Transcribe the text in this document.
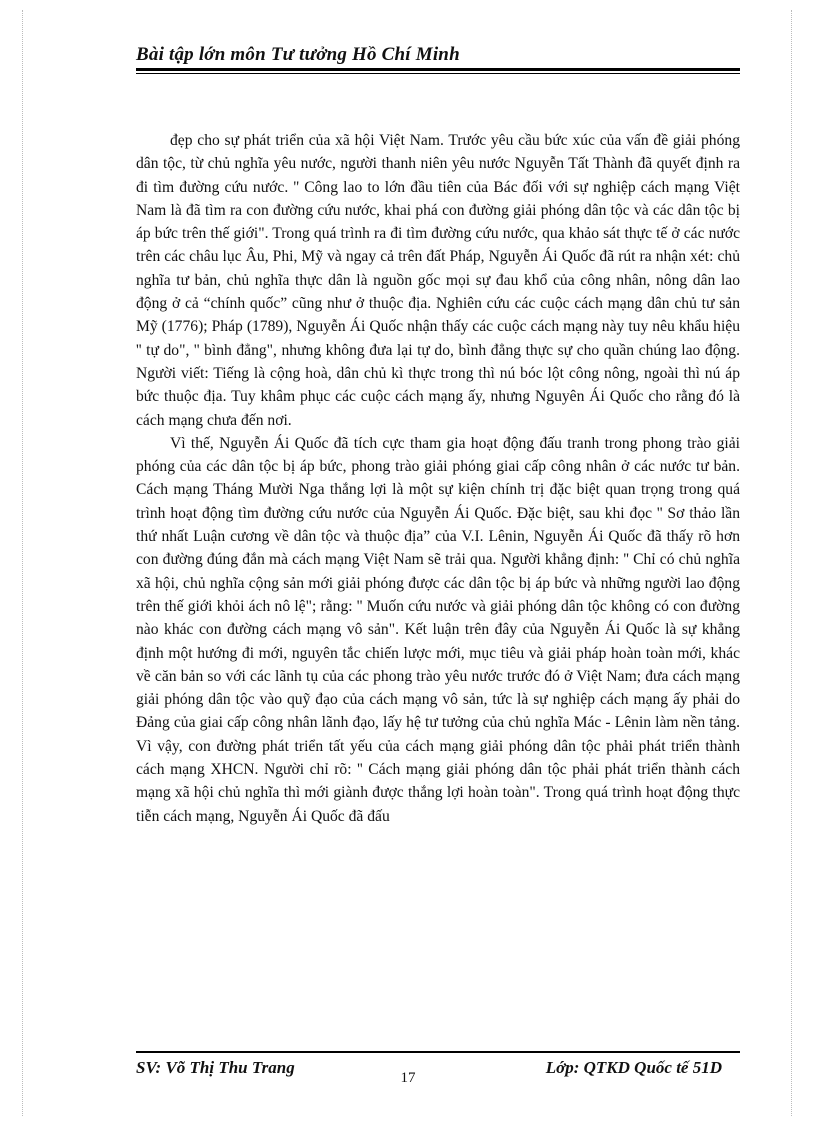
Bài tập lớn môn Tư tưởng Hồ Chí Minh

đẹp cho sự phát triển của xã hội Việt Nam. Trước yêu cầu bức xúc của vấn đề giải phóng dân tộc, từ chủ nghĩa yêu nước, người thanh niên yêu nước Nguyễn Tất Thành đã quyết định ra đi tìm đường cứu nước. '' Công lao to lớn đầu tiên của Bác đối với sự nghiệp cách mạng Việt Nam là đã tìm ra con đường cứu nước, khai phá con đường giải phóng dân tộc và các dân tộc bị áp bức trên thế giới". Trong quá trình ra đi tìm đường cứu nước, qua khảo sát thực tế ở các nước trên các châu lục Âu, Phi, Mỹ và ngay cả trên đất Pháp, Nguyễn Ái Quốc đã rút ra nhận xét: chủ nghĩa tư bản, chủ nghĩa thực dân là nguồn gốc mọi sự đau khổ của công nhân, nông dân lao động ở cả “chính quốc” cũng như ở thuộc địa. Nghiên cứu các cuộc cách mạng dân chủ tư sản Mỹ (1776); Pháp (1789), Nguyễn Ái Quốc nhận thấy các cuộc cách mạng này tuy nêu khẩu hiệu '' tự do", '' bình đẳng", nhưng không đưa lại tự do, bình đẳng thực sự cho quần chúng lao động. Người viết: Tiếng là cộng hoà, dân chủ kì thực trong thì nú bóc lột công nông, ngoài thì nú áp bức thuộc địa. Tuy khâm phục các cuộc cách mạng ấy, nhưng Nguyên Ái Quốc cho rằng đó là cách mạng chưa đến nơi.

Vì thế, Nguyễn Ái Quốc đã tích cực tham gia hoạt động đấu tranh trong phong trào giải phóng của các dân tộc bị áp bức, phong trào giải phóng giai cấp công nhân ở các nước tư bản. Cách mạng Tháng Mười Nga thắng lợi là một sự kiện chính trị đặc biệt quan trọng trong quá trình hoạt động tìm đường cứu nước của Nguyễn Ái Quốc. Đặc biệt, sau khi đọc '' Sơ thảo lần thứ nhất Luận cương về dân tộc và thuộc địa” của V.I. Lênin, Nguyễn Ái Quốc đã thấy rõ hơn con đường đúng đắn mà cách mạng Việt Nam sẽ trải qua. Người khẳng định: '' Chỉ có chủ nghĩa xã hội, chủ nghĩa cộng sản mới giải phóng được các dân tộc bị áp bức và những người lao động trên thế giới khỏi ách nô lệ"; rằng: '' Muốn cứu nước và giải phóng dân tộc không có con đường nào khác con đường cách mạng vô sản". Kết luận trên đây của Nguyễn Ái Quốc là sự khẳng định một hướng đi mới, nguyên tắc chiến lược mới, mục tiêu và giải pháp hoàn toàn mới, khác về căn bản so với các lãnh tụ của các phong trào yêu nước trước đó ở Việt Nam; đưa cách mạng giải phóng dân tộc vào quỹ đạo của cách mạng vô sản, tức là sự nghiệp cách mạng ấy phải do Đảng của giai cấp công nhân lãnh đạo, lấy hệ tư tưởng của chủ nghĩa Mác - Lênin làm nền tảng. Vì vậy, con đường phát triển tất yếu của cách mạng giải phóng dân tộc phải phát triển thành cách mạng XHCN. Người chỉ rõ: '' Cách mạng giải phóng dân tộc phải phát triển thành cách mạng xã hội chủ nghĩa thì mới giành được thắng lợi hoàn toàn". Trong quá trình hoạt động thực tiễn cách mạng, Nguyễn Ái Quốc đã đấu

SV: Võ Thị Thu Trang
17
Lớp: QTKD Quốc tế 51D
